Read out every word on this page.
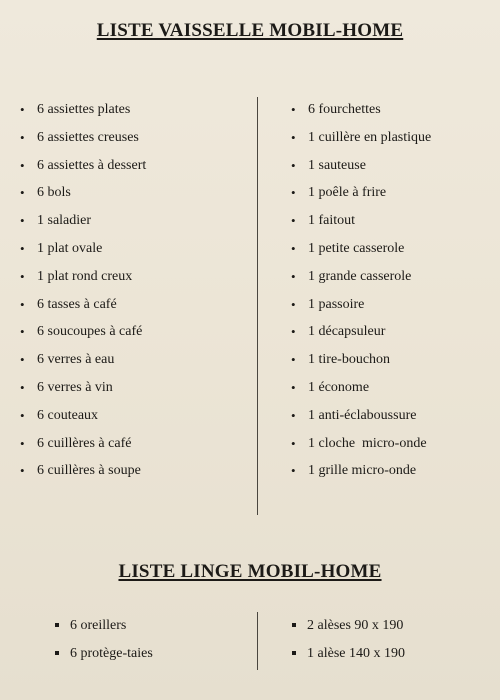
LISTE VAISSELLE MOBIL-HOME
• 6 assiettes plates
• 6 assiettes creuses
• 6 assiettes à dessert
• 6 bols
• 1 saladier
• 1 plat ovale
• 1 plat rond creux
• 6 tasses à café
• 6 soucoupes à café
• 6 verres à eau
• 6 verres à vin
• 6 couteaux
• 6 cuillères à café
• 6 cuillères à soupe
• 6 fourchettes
• 1 cuillère en plastique
• 1 sauteuse
• 1 poêle à frire
• 1 faitout
• 1 petite casserole
• 1 grande casserole
• 1 passoire
• 1 décapsuleur
• 1 tire-bouchon
• 1 économe
• 1 anti-éclaboussure
• 1 cloche  micro-onde
• 1 grille micro-onde
LISTE LINGE MOBIL-HOME
6 oreillers
6 protège-taies
2 alèses 90 x 190
1 alèse 140 x 190
